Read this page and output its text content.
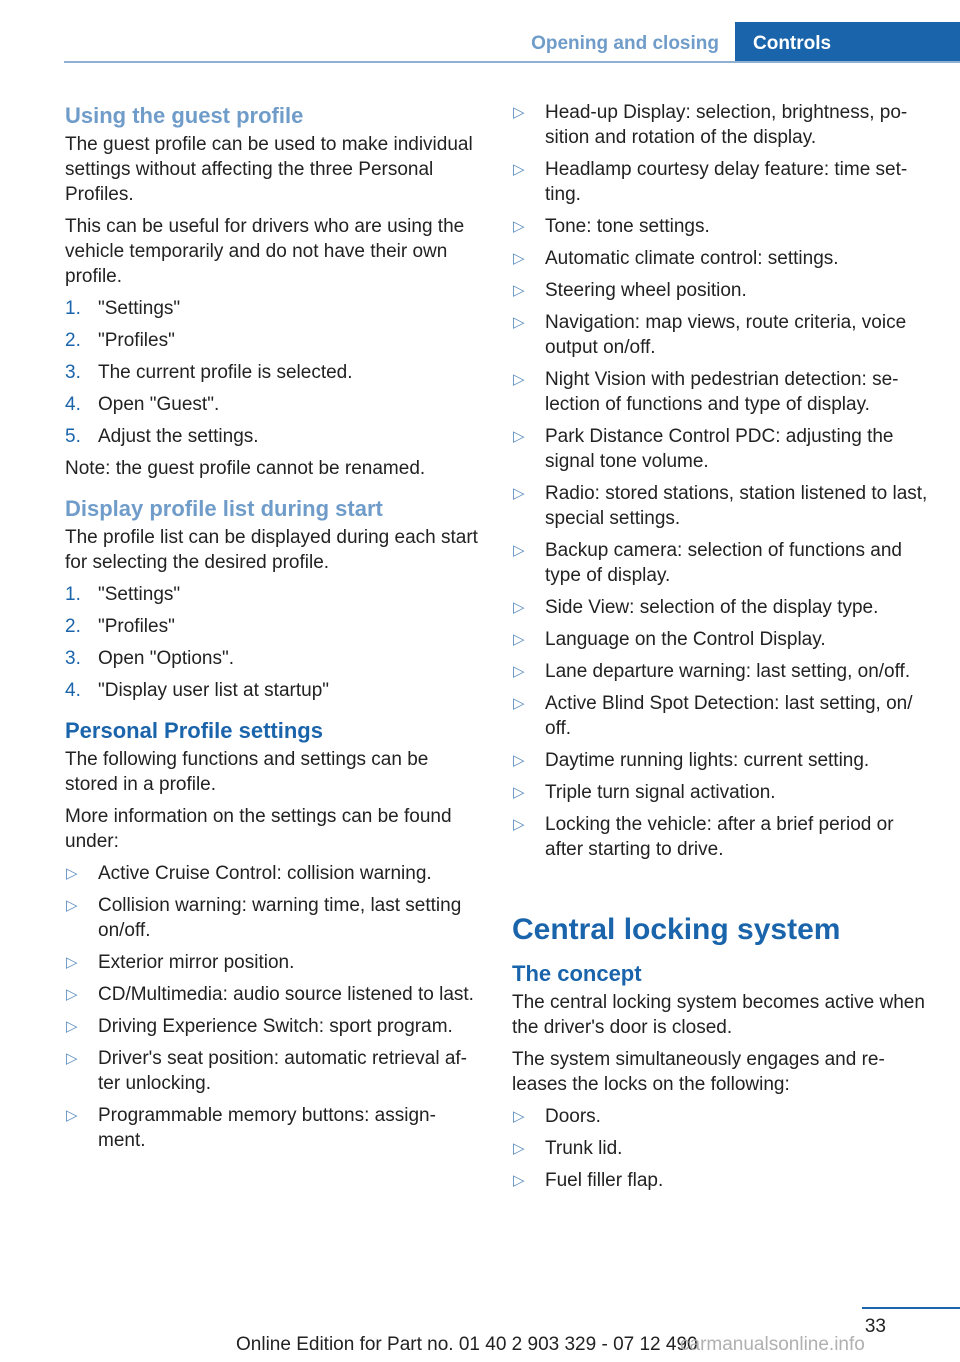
Opening and closing	Controls
Using the guest profile

The guest profile can be used to make individual settings without affecting the three Personal Profiles.

This can be useful for drivers who are using the vehicle temporarily and do not have their own profile.

1. "Settings"
2. "Profiles"
3. The current profile is selected.
4. Open "Guest".
5. Adjust the settings.

Note: the guest profile cannot be renamed.

Display profile list during start

The profile list can be displayed during each start for selecting the desired profile.

1. "Settings"
2. "Profiles"
3. Open "Options".
4. "Display user list at startup"
Personal Profile settings

The following functions and settings can be stored in a profile.

More information on the settings can be found under:

▷ Active Cruise Control: collision warning.
▷ Collision warning: warning time, last setting on/off.
▷ Exterior mirror position.
▷ CD/Multimedia: audio source listened to last.
▷ Driving Experience Switch: sport program.
▷ Driver's seat position: automatic retrieval af- ter unlocking.
▷ Programmable memory buttons: assign- ment.
▷ Head-up Display: selection, brightness, po- sition and rotation of the display.
▷ Headlamp courtesy delay feature: time set- ting.
▷ Tone: tone settings.
▷ Automatic climate control: settings.
▷ Steering wheel position.
▷ Navigation: map views, route criteria, voice output on/off.
▷ Night Vision with pedestrian detection: se- lection of functions and type of display.
▷ Park Distance Control PDC: adjusting the signal tone volume.
▷ Radio: stored stations, station listened to last, special settings.
▷ Backup camera: selection of functions and type of display.
▷ Side View: selection of the display type.
▷ Language on the Control Display.
▷ Lane departure warning: last setting, on/off.
▷ Active Blind Spot Detection: last setting, on/ off.
▷ Daytime running lights: current setting.
▷ Triple turn signal activation.
▷ Locking the vehicle: after a brief period or after starting to drive.
Central locking system
The concept

The central locking system becomes active when the driver's door is closed.

The system simultaneously engages and re- leases the locks on the following:

▷ Doors.
▷ Trunk lid.
▷ Fuel filler flap.
33
Online Edition for Part no. 01 40 2 903 329 - 07 12 490
carmanualsonline.info
